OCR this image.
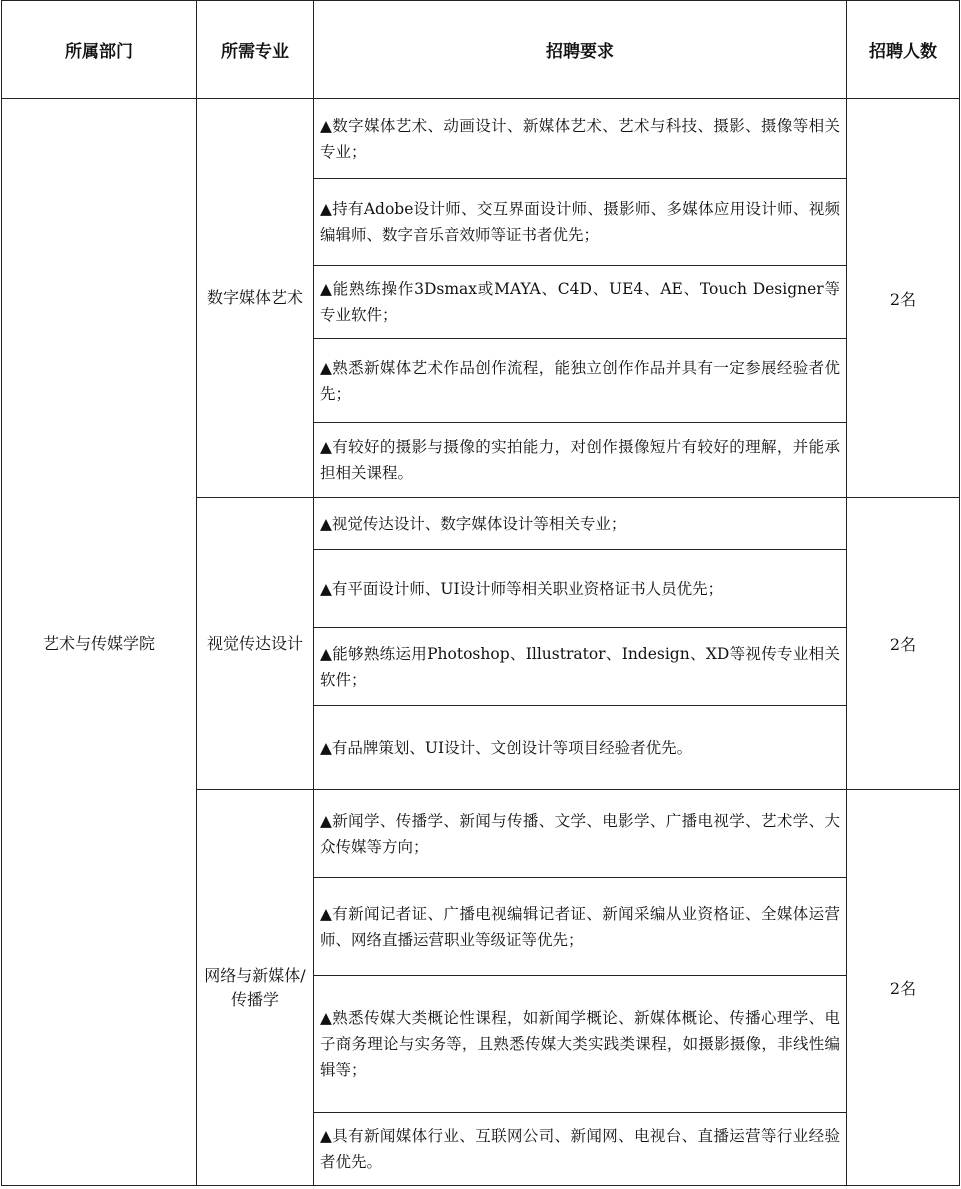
所属部门	所需专业	招聘要求	招聘人数
艺术与传媒学院	数字媒体艺术	▲数字媒体艺术、动画设计、新媒体艺术、艺术与科技、摄影、摄像等相关专业；	2名
		▲持有Adobe设计师、交互界面设计师、摄影师、多媒体应用设计师、视频编辑师、数字音乐音效师等证书者优先；	
		▲能熟练操作3Dsmax或MAYA、C4D、UE4、AE、Touch Designer等专业软件；	
		▲熟悉新媒体艺术作品创作流程，能独立创作作品并具有一定参展经验者优先；	
		▲有较好的摄影与摄像的实拍能力，对创作摄像短片有较好的理解，并能承担相关课程。	
	视觉传达设计	▲视觉传达设计、数字媒体设计等相关专业；	2名
		▲有平面设计师、UI设计师等相关职业资格证书人员优先；	
		▲能够熟练运用Photoshop、Illustrator、Indesign、XD等视传专业相关软件；	
		▲有品牌策划、UI设计、文创设计等项目经验者优先。	
	网络与新媒体/传播学	▲新闻学、传播学、新闻与传播、文学、电影学、广播电视学、艺术学、大众传媒等方向；	2名
		▲有新闻记者证、广播电视编辑记者证、新闻采编从业资格证、全媒体运营师、网络直播运营职业等级证等优先；	
		▲熟悉传媒大类概论性课程，如新闻学概论、新媒体概论、传播心理学、电子商务理论与实务等，且熟悉传媒大类实践类课程，如摄影摄像，非线性编辑等；	
		▲具有新闻媒体行业、互联网公司、新闻网、电视台、直播运营等行业经验者优先。	
